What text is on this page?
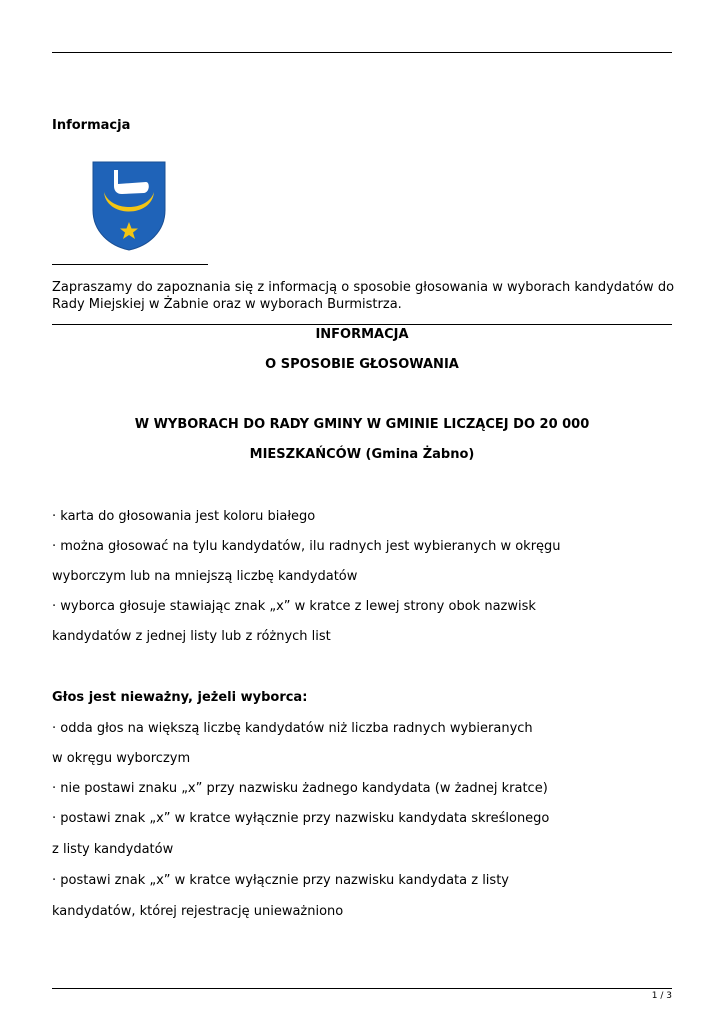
Informacja

Zapraszamy do zapoznania się z informacją o sposobie głosowania w wyborach kandydatów do Rady Miejskiej w Żabnie oraz w wyborach Burmistrza.

INFORMACJA

O SPOSOBIE GŁOSOWANIA

W WYBORACH DO RADY GMINY W GMINIE LICZĄCEJ DO 20 000

MIESZKAŃCÓW (Gmina Żabno)

· karta do głosowania jest koloru białego

· można głosować na tylu kandydatów, ilu radnych jest wybieranych w okręgu

wyborczym lub na mniejszą liczbę kandydatów

· wyborca głosuje stawiając znak „x” w kratce z lewej strony obok nazwisk

kandydatów z jednej listy lub z różnych list

Głos jest nieważny, jeżeli wyborca:

· odda głos na większą liczbę kandydatów niż liczba radnych wybieranych

w okręgu wyborczym

· nie postawi znaku „x” przy nazwisku żadnego kandydata (w żadnej kratce)

· postawi znak „x” w kratce wyłącznie przy nazwisku kandydata skreślonego

z listy kandydatów

· postawi znak „x” w kratce wyłącznie przy nazwisku kandydata z listy

kandydatów, której rejestrację unieważniono

1 / 3
